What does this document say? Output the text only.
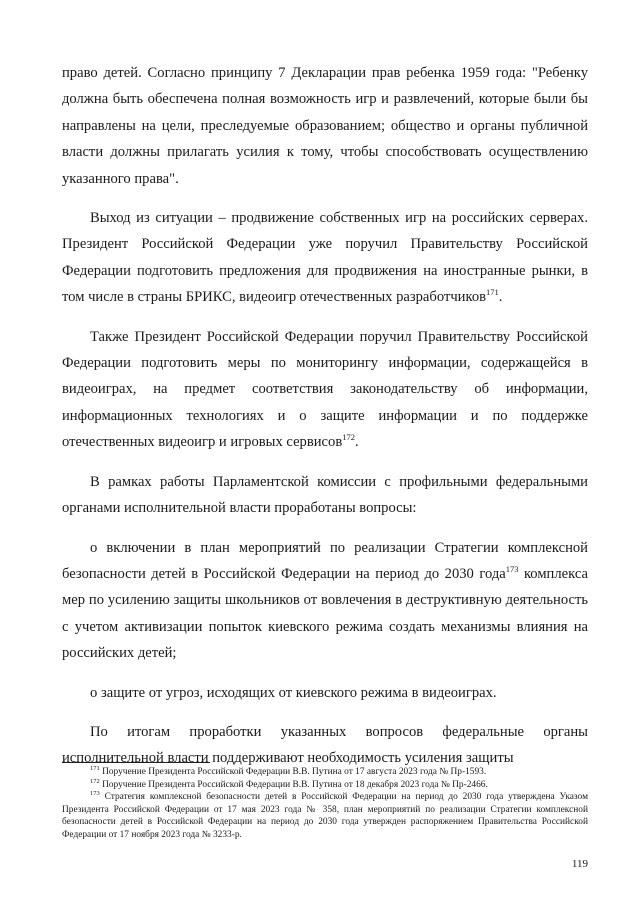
право детей. Согласно принципу 7 Декларации прав ребенка 1959 года: "Ребенку должна быть обеспечена полная возможность игр и развлечений, которые были бы направлены на цели, преследуемые образованием; общество и органы публичной власти должны прилагать усилия к тому, чтобы способствовать осуществлению указанного права".

Выход из ситуации – продвижение собственных игр на российских серверах. Президент Российской Федерации уже поручил Правительству Российской Федерации подготовить предложения для продвижения на иностранные рынки, в том числе в страны БРИКС, видеоигр отечественных разработчиков$^{171}$.

Также Президент Российской Федерации поручил Правительству Российской Федерации подготовить меры по мониторингу информации, содержащейся в видеоиграх, на предмет соответствия законодательству об информации, информационных технологиях и о защите информации и по поддержке отечественных видеоигр и игровых сервисов$^{172}$.

В рамках работы Парламентской комиссии с профильными федеральными органами исполнительной власти проработаны вопросы:

о включении в план мероприятий по реализации Стратегии комплексной безопасности детей в Российской Федерации на период до 2030 года$^{173}$ комплекса мер по усилению защиты школьников от вовлечения в деструктивную деятельность с учетом активизации попыток киевского режима создать механизмы влияния на российских детей;

о защите от угроз, исходящих от киевского режима в видеоиграх.

По итогам проработки указанных вопросов федеральные органы исполнительной власти поддерживают необходимость усиления защиты

$^{171}$ Поручение Президента Российской Федерации В.В. Путина от 17 августа 2023 года № Пр-1593.

$^{172}$ Поручение Президента Российской Федерации В.В. Путина от 18 декабря 2023 года № Пр-2466.

$^{173}$ Стратегия комплексной безопасности детей в Российской Федерации на период до 2030 года утверждена Указом Президента Российской Федерации от 17 мая 2023 года № 358, план мероприятий по реализации Стратегии комплексной безопасности детей в Российской Федерации на период до 2030 года утвержден распоряжением Правительства Российской Федерации от 17 ноября 2023 года № 3233-р.

119
